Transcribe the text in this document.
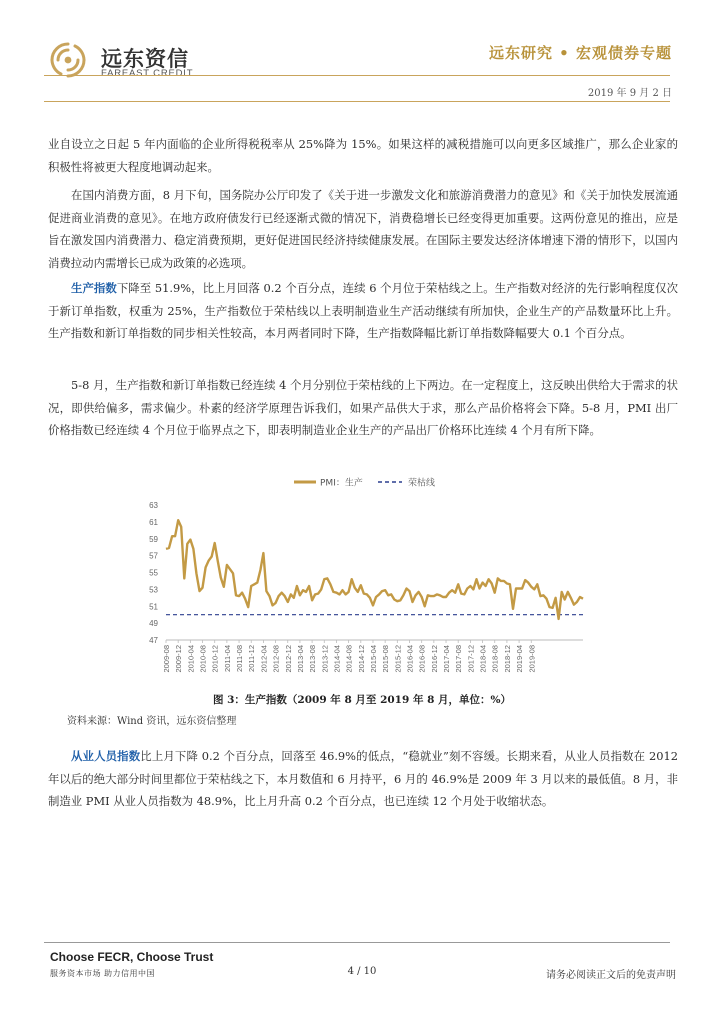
远东资信
FAREAST CREDIT
远东研究 • 宏观债券专题
2019 年 9 月 2 日

业自设立之日起 5 年内面临的企业所得税税率从 25%降为 15%。如果这样的减税措施可以向更多区域推广，那么企业家的积极性将被更大程度地调动起来。

在国内消费方面，8 月下旬，国务院办公厅印发了《关于进一步激发文化和旅游消费潜力的意见》和《关于加快发展流通促进商业消费的意见》。在地方政府债发行已经逐渐式微的情况下，消费稳增长已经变得更加重要。这两份意见的推出，应是旨在激发国内消费潜力、稳定消费预期，更好促进国民经济持续健康发展。在国际主要发达经济体增速下滑的情形下，以国内消费拉动内需增长已成为政策的必选项。

生产指数下降至 51.9%，比上月回落 0.2 个百分点，连续 6 个月位于荣枯线之上。生产指数对经济的先行影响程度仅次于新订单指数，权重为 25%，生产指数位于荣枯线以上表明制造业生产活动继续有所加快，企业生产的产品数量环比上升。生产指数和新订单指数的同步相关性较高，本月两者同时下降，生产指数降幅比新订单指数降幅要大 0.1 个百分点。

5-8 月，生产指数和新订单指数已经连续 4 个月分别位于荣枯线的上下两边。在一定程度上，这反映出供给大于需求的状况，即供给偏多，需求偏少。朴素的经济学原理告诉我们，如果产品供大于求，那么产品价格将会下降。5-8 月，PMI 出厂价格指数已经连续 4 个月位于临界点之下，即表明制造业企业生产的产品出厂价格环比连续 4 个月有所下降。

PMI：生产	荣枯线
47
49
51
53
55
57
59
61
63
2009-08 2009-12 2010-04 2010-08 2010-12 2011-04 2011-08 2011-12 2012-04 2012-08 2012-12 2013-04 2013-08 2013-12 2014-04 2014-08 2014-12 2015-04 2015-08 2015-12 2016-04 2016-08 2016-12 2017-04 2017-08 2017-12 2018-04 2018-08 2018-12 2019-04 2019-08
图 3：生产指数（2009 年 8 月至 2019 年 8 月，单位：%）
资料来源：Wind 资讯，远东资信整理

从业人员指数比上月下降 0.2 个百分点，回落至 46.9%的低点，“稳就业”刻不容缓。长期来看，从业人员指数在 2012 年以后的绝大部分时间里都位于荣枯线之下，本月数值和 6 月持平，6 月的 46.9%是 2009 年 3 月以来的最低值。8 月，非制造业 PMI 从业人员指数为 48.9%，比上月升高 0.2 个百分点，也已连续 12 个月处于收缩状态。

Choose FECR, Choose Trust
服务资本市场 助力信用中国	4 / 10	请务必阅读正文后的免责声明
